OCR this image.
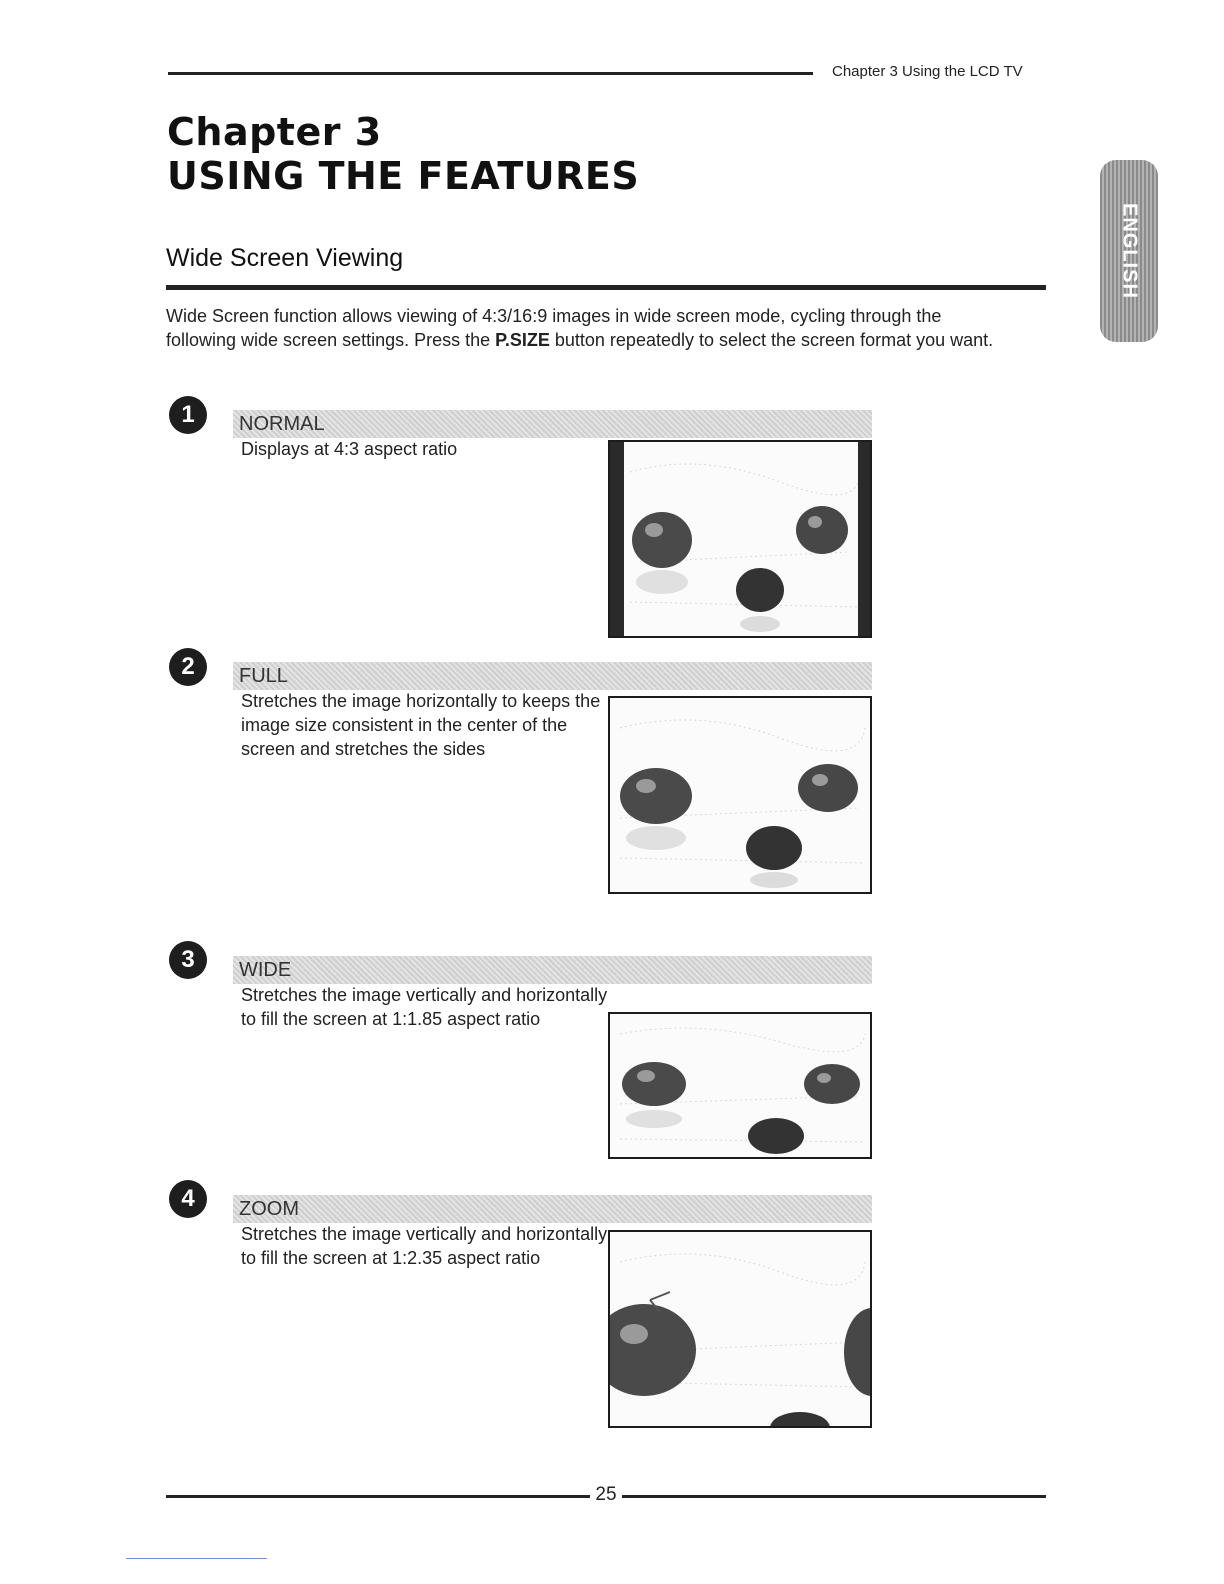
Chapter 3 Using the LCD TV
Chapter 3
USING THE FEATURES
ENGLISH
Wide Screen Viewing

Wide Screen function allows viewing of 4:3/16:9 images in wide screen mode, cycling through the following wide screen settings. Press the P.SIZE button repeatedly to select the screen format you want.

1	NORMAL

Displays at 4:3 aspect ratio

2	FULL

Stretches the image horizontally to keeps the image size consistent in the center of the screen and stretches the sides

3	WIDE

Stretches the image vertically and horizontally to fill the screen at 1:1.85 aspect ratio

4	ZOOM

Stretches the image vertically and horizontally to fill the screen at 1:2.35 aspect ratio

25
